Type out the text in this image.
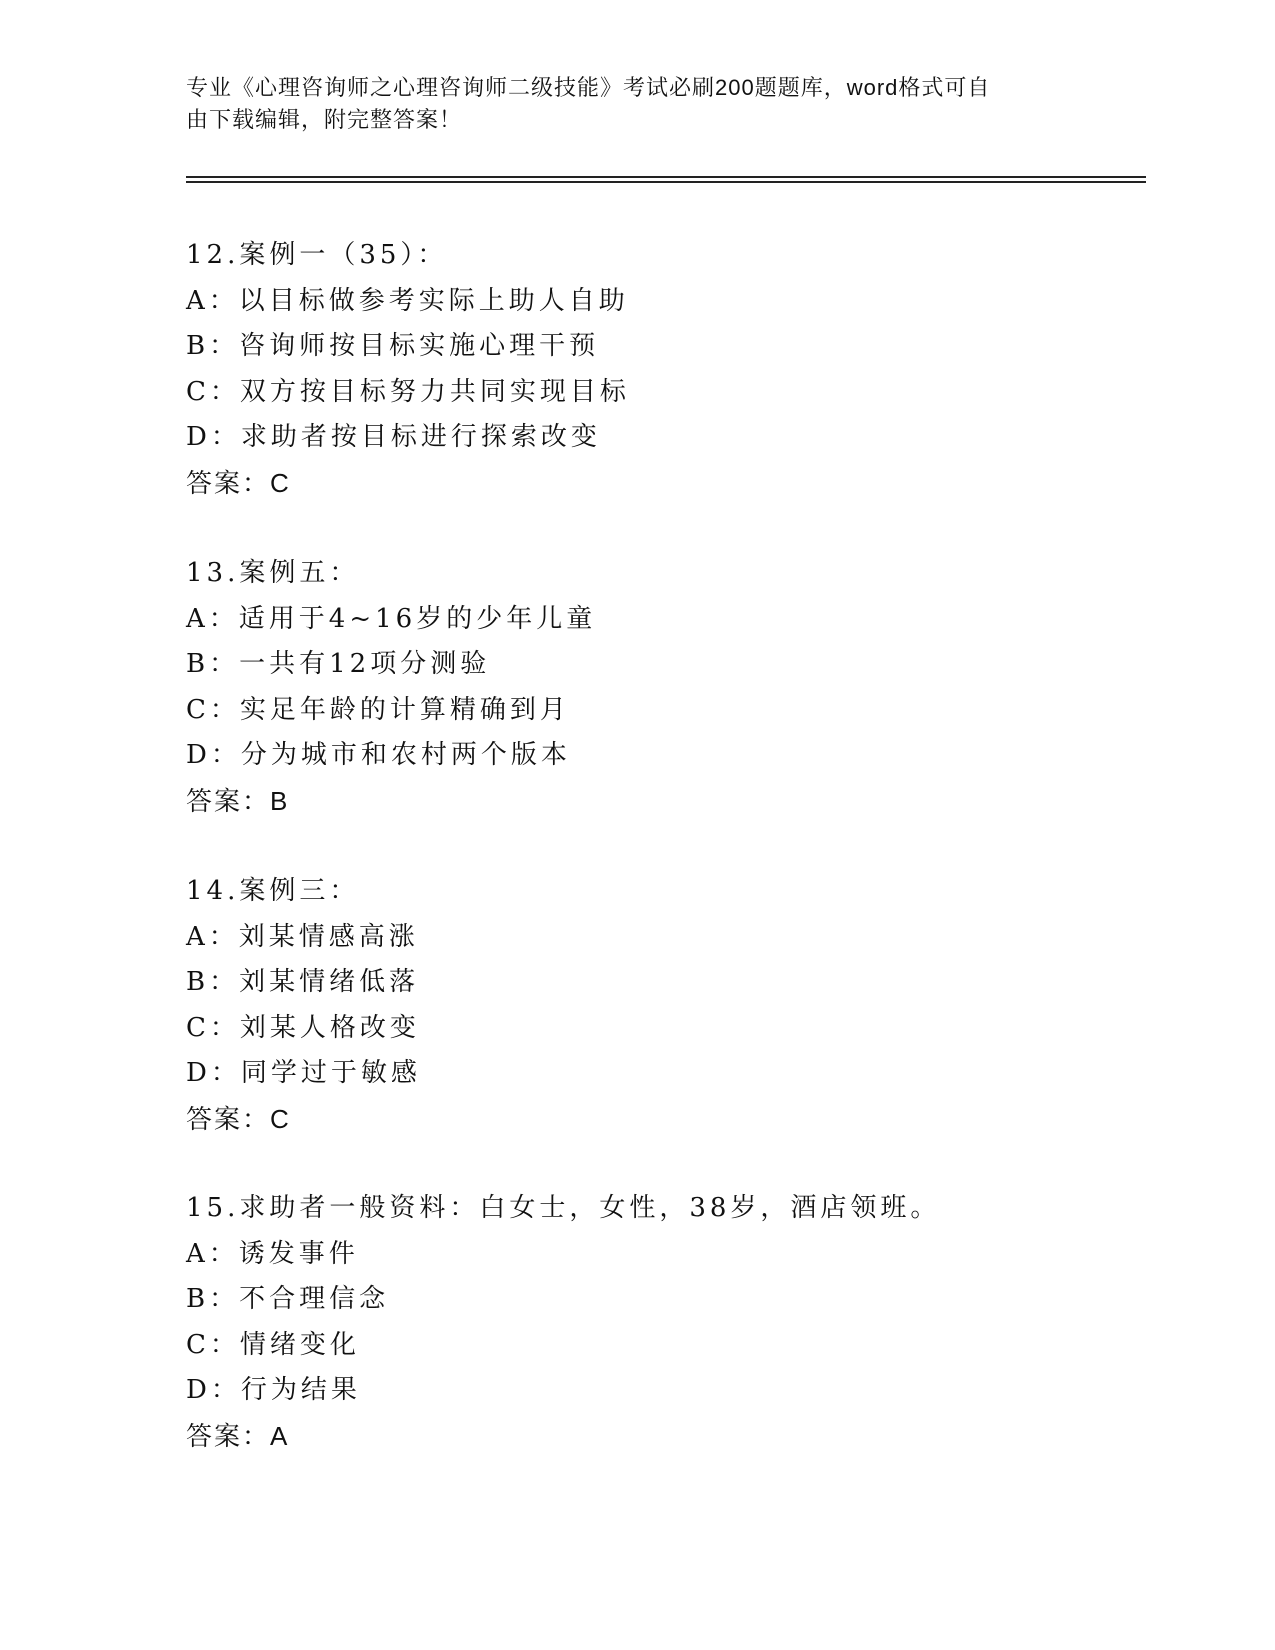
专业《心理咨询师之心理咨询师二级技能》考试必刷200题题库，word格式可自
由下载编辑，附完整答案！
12.案例一（35）：
A：以目标做参考实际上助人自助
B：咨询师按目标实施心理干预
C：双方按目标努力共同实现目标
D：求助者按目标进行探索改变
答案：C
13.案例五：
A：适用于4~16岁的少年儿童
B：一共有12项分测验
C：实足年龄的计算精确到月
D：分为城市和农村两个版本
答案：B
14.案例三：
A：刘某情感高涨
B：刘某情绪低落
C：刘某人格改变
D：同学过于敏感
答案：C
15.求助者一般资料：白女士，女性，38岁，酒店领班。
A：诱发事件
B：不合理信念
C：情绪变化
D：行为结果
答案：A
